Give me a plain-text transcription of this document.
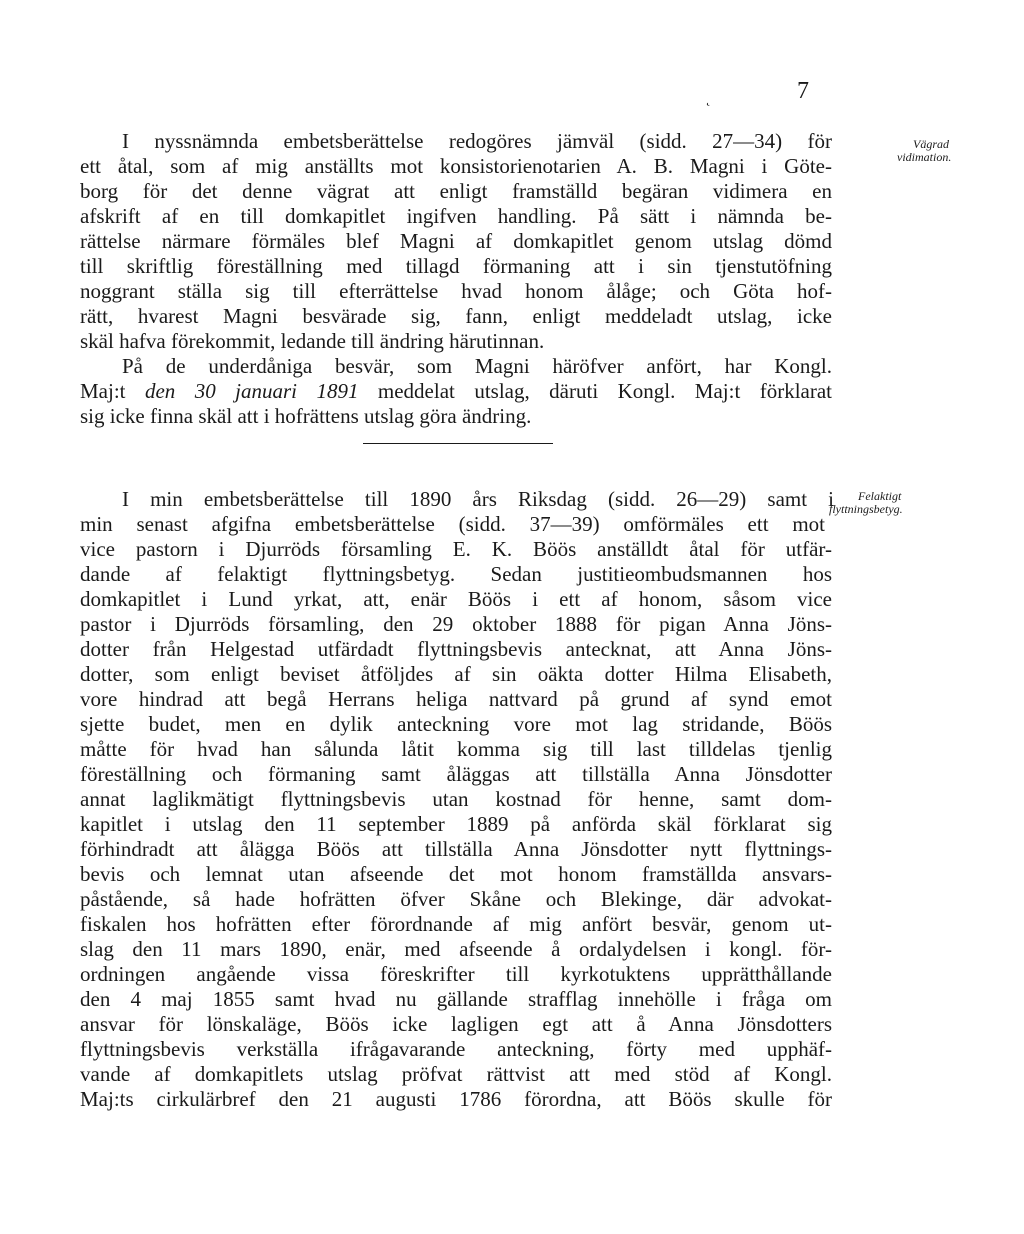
˛	7
Vägrad
vidimation.
I nyssnämnda embetsberättelse redogöres jämväl (sidd. 27—34) för
ett åtal, som af mig anställts mot konsistorienotarien A. B. Magni i Göte-
borg för det denne vägrat att enligt framställd begäran vidimera en
afskrift af en till domkapitlet ingifven handling. På sätt i nämnda be-
rättelse närmare förmäles blef Magni af domkapitlet genom utslag dömd
till skriftlig föreställning med tillagd förmaning att i sin tjenstutöfning
noggrant ställa sig till efterrättelse hvad honom ålåge; och Göta hof-
rätt, hvarest Magni besvärade sig, fann, enligt meddeladt utslag, icke
skäl hafva förekommit, ledande till ändring härutinnan.
På de underdåniga besvär, som Magni häröfver anfört, har Kongl.
Maj:t den 30 januari 1891 meddelat utslag, däruti Kongl. Maj:t förklarat
sig icke finna skäl att i hofrättens utslag göra ändring.
Felaktigt
flyttningsbetyg.
I min embetsberättelse till 1890 års Riksdag (sidd. 26—29) samt i
min senast afgifna embetsberättelse (sidd. 37—39) omförmäles ett mot
vice pastorn i Djurröds församling E. K. Böös anställdt åtal för utfär-
dande af felaktigt flyttningsbetyg. Sedan justitieombudsmannen hos
domkapitlet i Lund yrkat, att, enär Böös i ett af honom, såsom vice
pastor i Djurröds församling, den 29 oktober 1888 för pigan Anna Jöns-
dotter från Helgestad utfärdadt flyttningsbevis antecknat, att Anna Jöns-
dotter, som enligt beviset åtföljdes af sin oäkta dotter Hilma Elisabeth,
vore hindrad att begå Herrans heliga nattvard på grund af synd emot
sjette budet, men en dylik anteckning vore mot lag stridande, Böös
måtte för hvad han sålunda låtit komma sig till last tilldelas tjenlig
föreställning och förmaning samt åläggas att tillställa Anna Jönsdotter
annat laglikmätigt flyttningsbevis utan kostnad för henne, samt dom-
kapitlet i utslag den 11 september 1889 på anförda skäl förklarat sig
förhindradt att ålägga Böös att tillställa Anna Jönsdotter nytt flyttnings-
bevis och lemnat utan afseende det mot honom framställda ansvars-
påstående, så hade hofrätten öfver Skåne och Blekinge, där advokat-
fiskalen hos hofrätten efter förordnande af mig anfört besvär, genom ut-
slag den 11 mars 1890, enär, med afseende å ordalydelsen i kongl. för-
ordningen angående vissa föreskrifter till kyrkotuktens upprätthållande
den 4 maj 1855 samt hvad nu gällande strafflag innehölle i fråga om
ansvar för lönskaläge, Böös icke lagligen egt att å Anna Jönsdotters
flyttningsbevis verkställa ifrågavarande anteckning, förty med upphäf-
vande af domkapitlets utslag pröfvat rättvist att med stöd af Kongl.
Maj:ts cirkulärbref den 21 augusti 1786 förordna, att Böös skulle för
